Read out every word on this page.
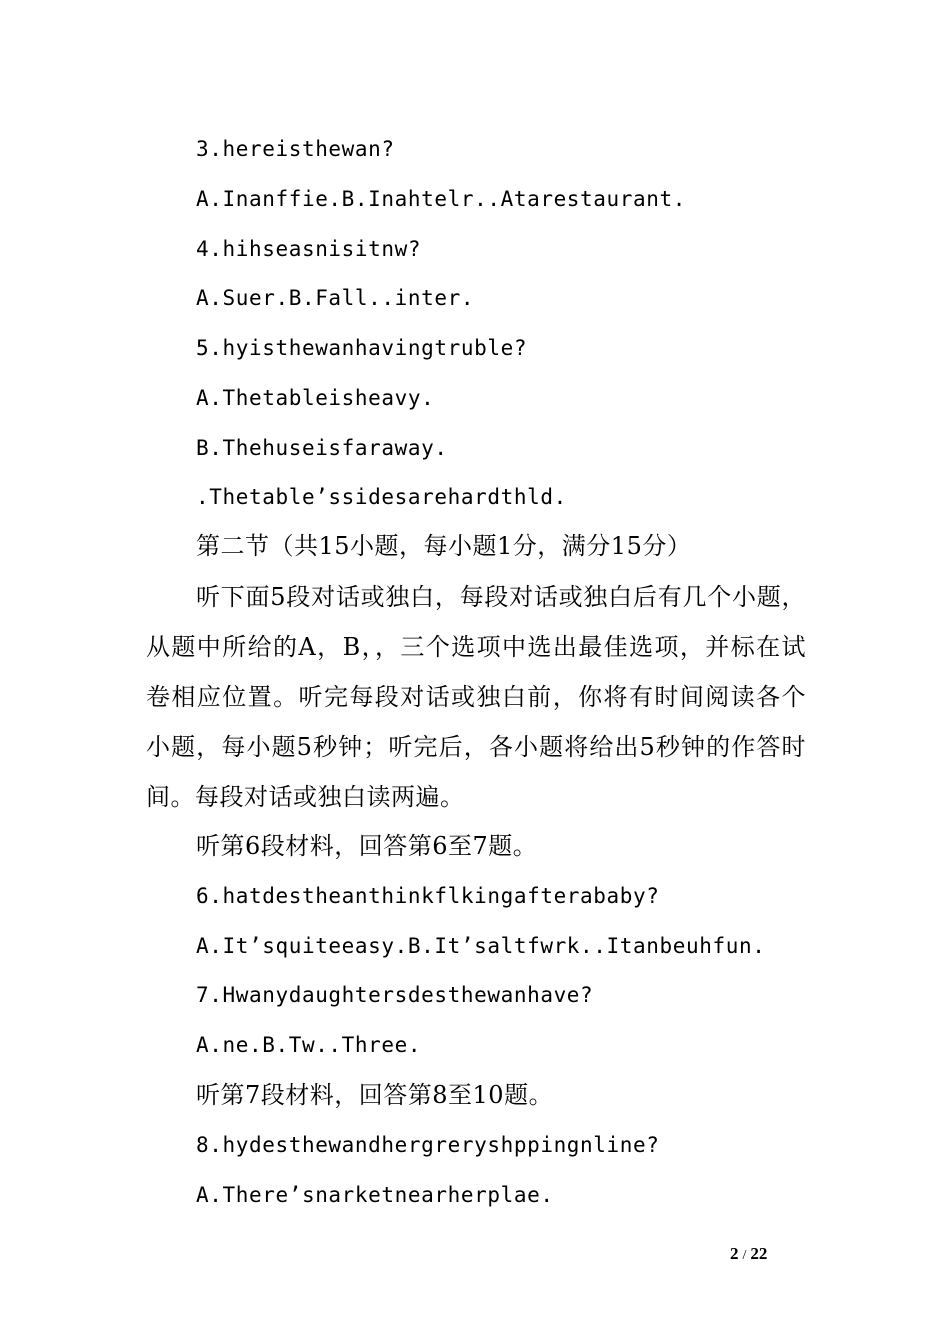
3.hereisthewan?
A.Inanffie.B.Inahtelr..Atarestaurant.
4.hihseasnisitnw?
A.Suer.B.Fall..inter.
5.hyisthewanhavingtruble?
A.Thetableisheavy.
B.Thehuseisfaraway.
.Thetable’ssidesarehardthld.
第二节（共15小题，每小题1分，满分15分）
听下面5段对话或独白，每段对话或独白后有几个小题，从题中所给的A，B，，三个选项中选出最佳选项，并标在试卷相应位置。听完每段对话或独白前，你将有时间阅读各个小题，每小题5秒钟；听完后，各小题将给出5秒钟的作答时间。每段对话或独白读两遍。
听第6段材料，回答第6至7题。
6.hatdestheanthinkflkingafterababy?
A.It’squiteeasy.B.It’saltfwrk..Itanbeuhfun.
7.Hwanydaughtersdesthewanhave?
A.ne.B.Tw..Three.
听第7段材料，回答第8至10题。
8.hydesthewandhergreryshppingnline?
A.There’snarketnearherplae.
2 / 22
